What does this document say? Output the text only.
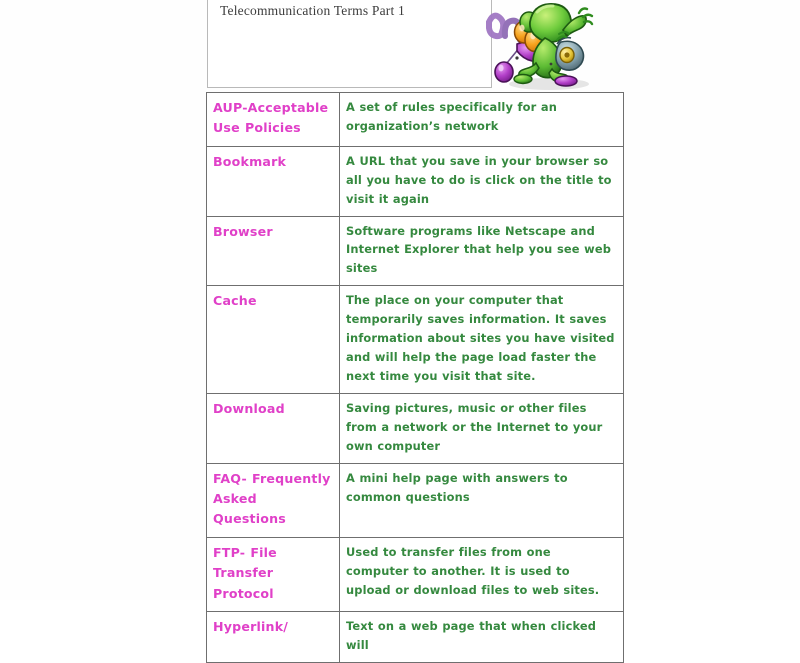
Telecommunication Terms Part 1
AUP-Acceptable Use Policies	A set of rules specifically for an organization’s network

Bookmark	A URL that you save in your browser so all you have to do is click on the title to visit it again

Browser	Software programs like Netscape and Internet Explorer that help you see web sites

Cache	The place on your computer that temporarily saves information. It saves information about sites you have visited and will help the page load faster the next time you visit that site.

Download	Saving pictures, music or other files from a network or the Internet to your own computer

FAQ- Frequently Asked Questions	A mini help page with answers to common questions

FTP- File Transfer Protocol	Used to transfer files from one computer to another. It is used to upload or download files to web sites.

Hyperlink/	Text on a web page that when clicked will
